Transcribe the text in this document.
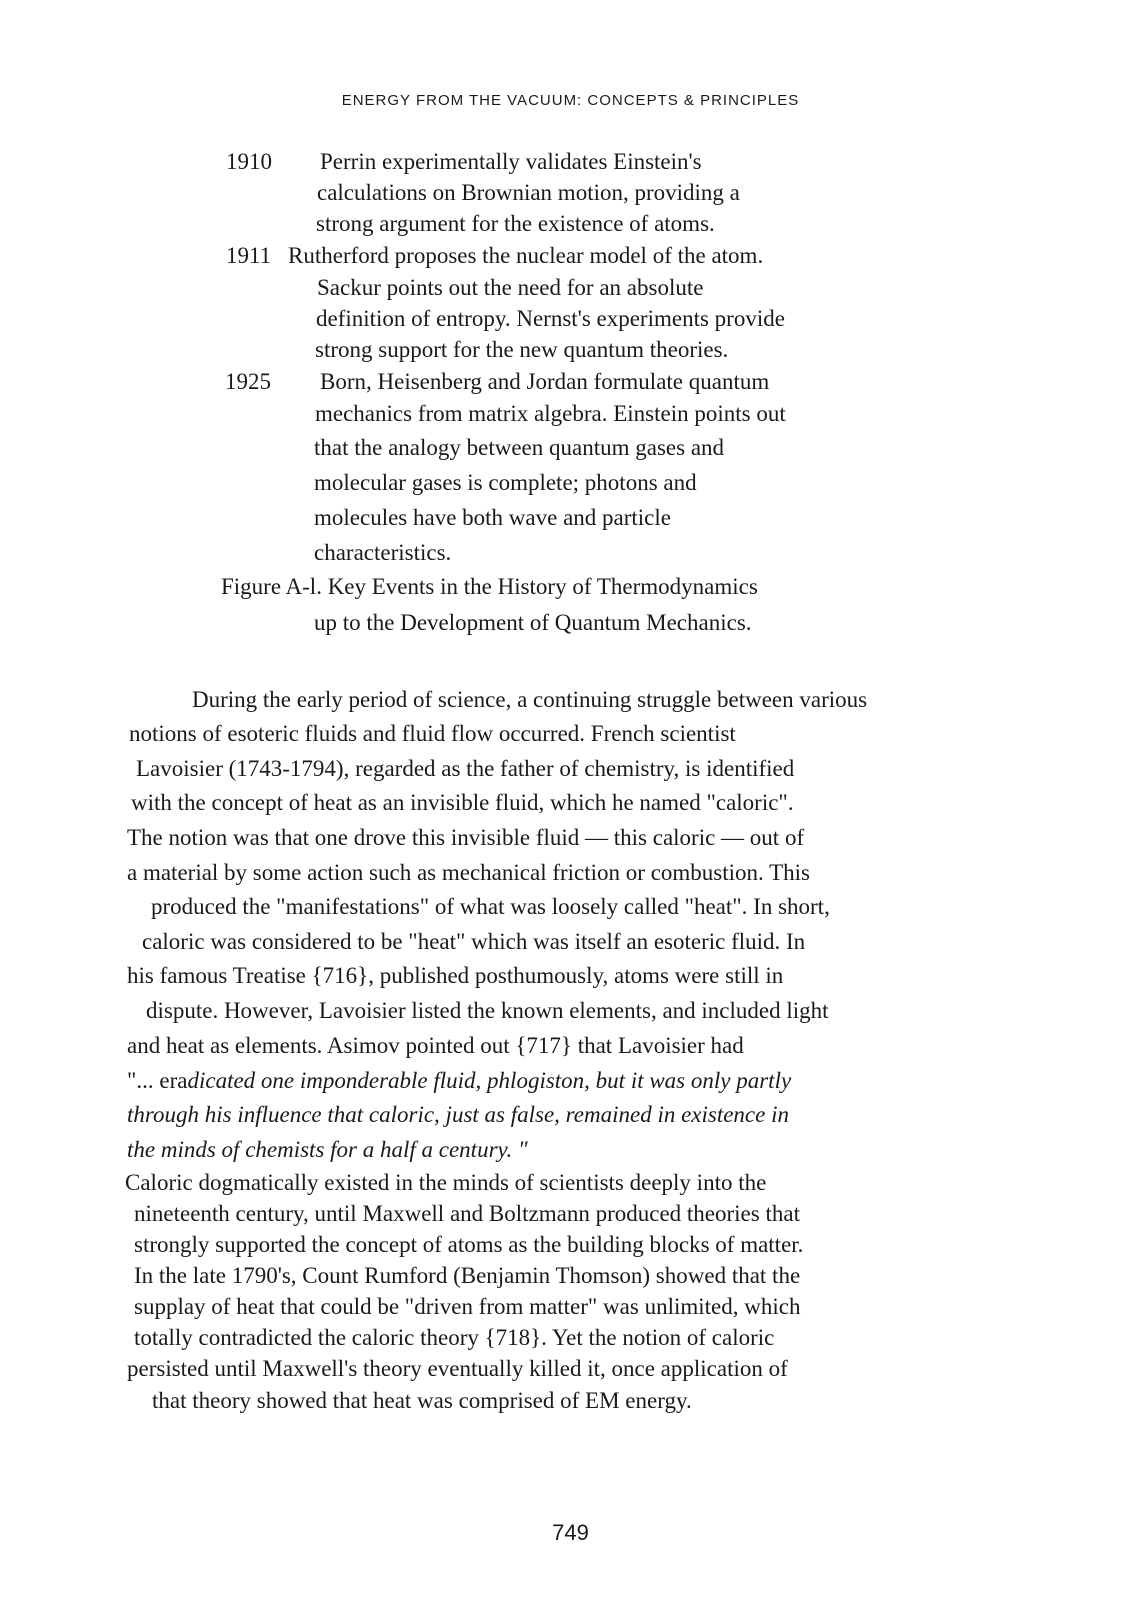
ENERGY FROM THE VACUUM: CONCEPTS & PRINCIPLES
1910 Perrin experimentally validates Einstein's
calculations on Brownian motion, providing a
strong argument for the existence of atoms.
1911 Rutherford proposes the nuclear model of the atom.
Sackur points out the need for an absolute
definition of entropy. Nernst's experiments provide
strong support for the new quantum theories.
1925 Born, Heisenberg and Jordan formulate quantum
mechanics from matrix algebra. Einstein points out
that the analogy between quantum gases and
molecular gases is complete; photons and
molecules have both wave and particle
characteristics.
Figure A-l. Key Events in the History of Thermodynamics
up to the Development of Quantum Mechanics.
During the early period of science, a continuing struggle between various
notions of esoteric fluids and fluid flow occurred. French scientist
Lavoisier (1743-1794), regarded as the father of chemistry, is identified
with the concept of heat as an invisible fluid, which he named "caloric".
The notion was that one drove this invisible fluid — this caloric — out of
a material by some action such as mechanical friction or combustion. This
produced the "manifestations" of what was loosely called "heat". In short,
caloric was considered to be "heat" which was itself an esoteric fluid. In
his famous Treatise {716}, published posthumously, atoms were still in
dispute. However, Lavoisier listed the known elements, and included light
and heat as elements. Asimov pointed out {717} that Lavoisier had
"... eradicated one imponderable fluid, phlogiston, but it was only partly
through his influence that caloric, just as false, remained in existence in
the minds of chemists for a half a century. "
Caloric dogmatically existed in the minds of scientists deeply into the
nineteenth century, until Maxwell and Boltzmann produced theories that
strongly supported the concept of atoms as the building blocks of matter.
In the late 1790's, Count Rumford (Benjamin Thomson) showed that the
supplay of heat that could be "driven from matter" was unlimited, which
totally contradicted the caloric theory {718}. Yet the notion of caloric
persisted until Maxwell's theory eventually killed it, once application of
that theory showed that heat was comprised of EM energy.
749
